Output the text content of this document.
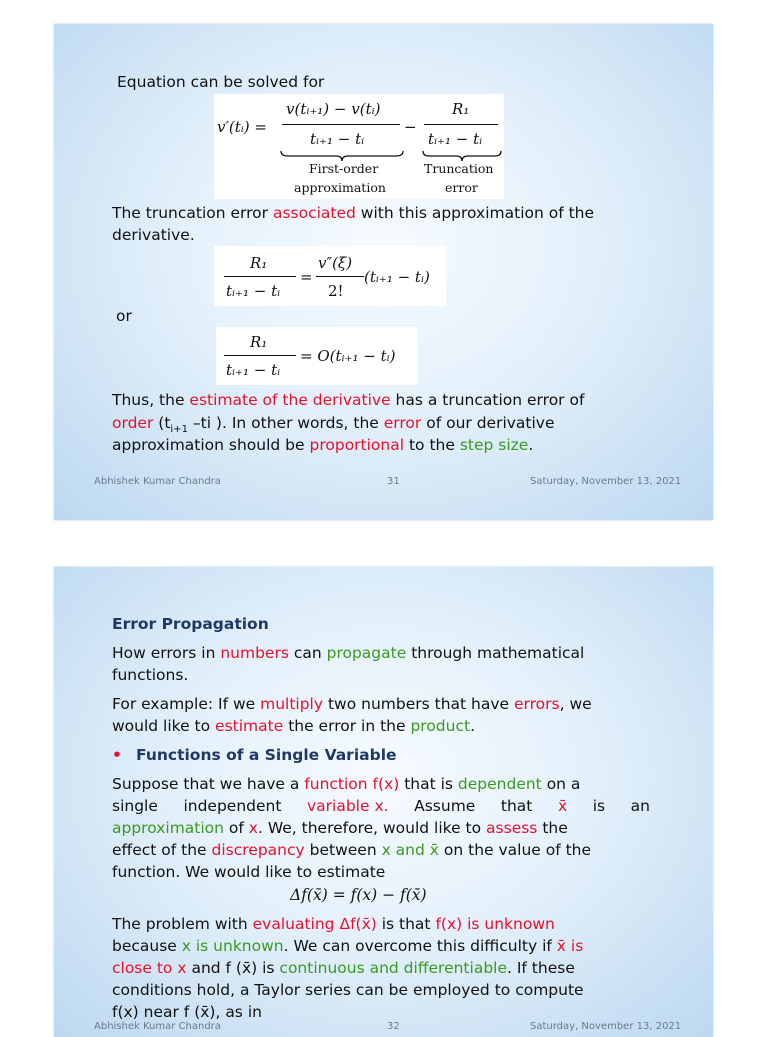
Equation can be solved for
v′(tᵢ) =
v(tᵢ₊₁) − v(tᵢ)
tᵢ₊₁ − tᵢ
−
R₁
tᵢ₊₁ − tᵢ
First-order
approximation
Truncation
error
The truncation error associated with this approximation of the
derivative.
R₁
tᵢ₊₁ − tᵢ
=
v″(ξ)
2!
(tᵢ₊₁ − tᵢ)
or
R₁
tᵢ₊₁ − tᵢ
= O(tᵢ₊₁ − tᵢ)
Thus, the estimate of the derivative has a truncation error of
order ($t_{i+1}$ –ti ). In other words, the error of our derivative
approximation should be proportional to the step size.
Abhishek Kumar Chandra	31	Saturday, November 13, 2021
Error Propagation
How errors in numbers can propagate through mathematical
functions.
For example: If we multiply two numbers that have errors, we
would like to estimate the error in the product.
• Functions of a Single Variable
Suppose that we have a function f(x) that is dependent on a
single independent variable x. Assume that x̄ is an
approximation of x. We, therefore, would like to assess the
effect of the discrepancy between x and x̄ on the value of the
function. We would like to estimate
Δf(x̄) = f(x) − f(x̄)
The problem with evaluating Δf(x̄) is that f(x) is unknown
because x is unknown. We can overcome this difficulty if x̄ is
close to x and f (x̄) is continuous and differentiable. If these
conditions hold, a Taylor series can be employed to compute
f(x) near f (x̄), as in
Abhishek Kumar Chandra	32	Saturday, November 13, 2021
